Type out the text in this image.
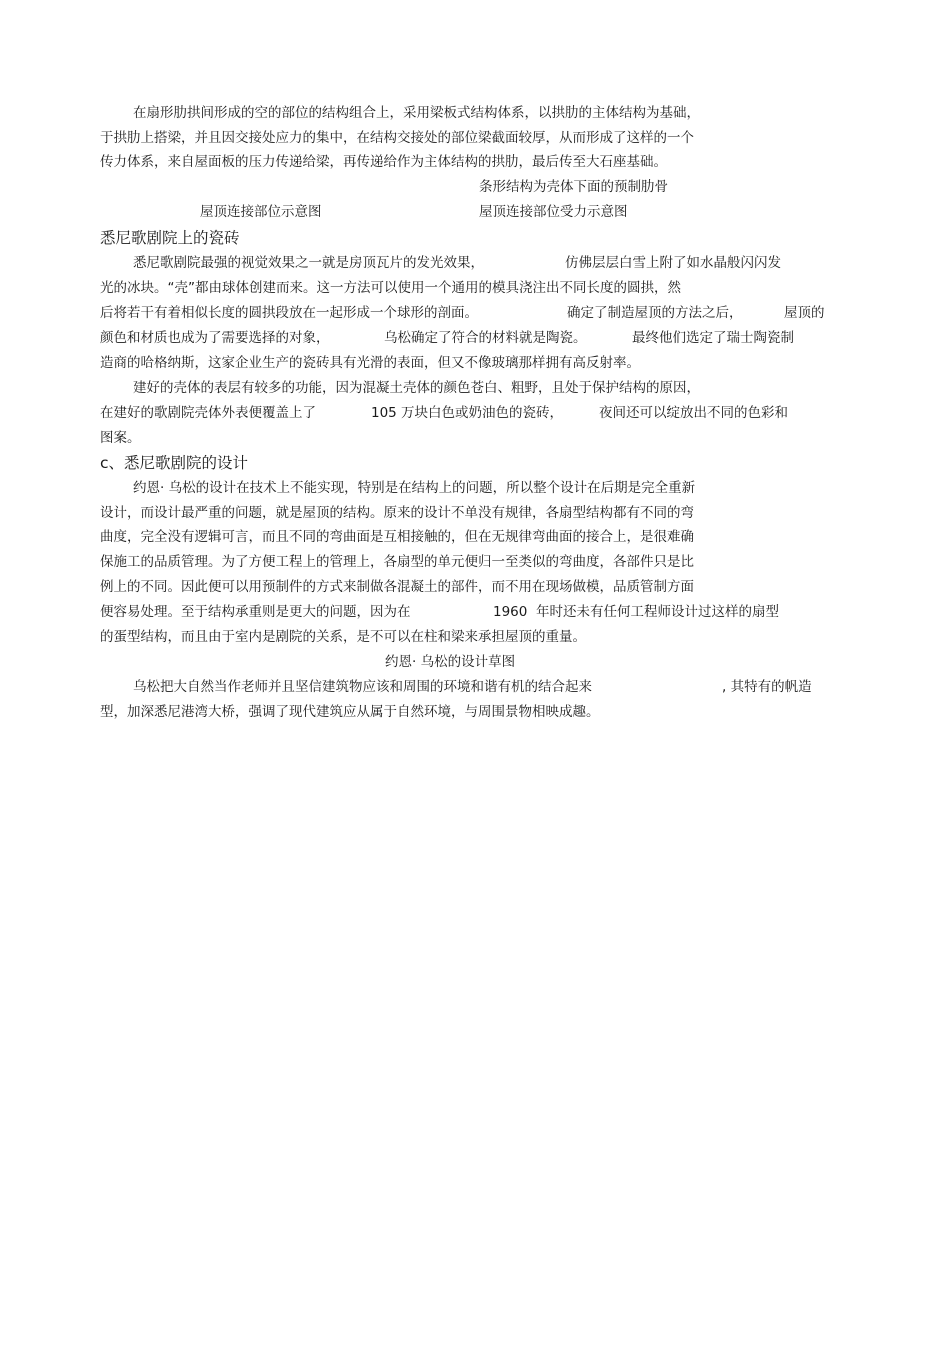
在扇形肋拱间形成的空的部位的结构组合上，采用梁板式结构体系，以拱肋的主体结构为基础，
于拱肋上搭梁，并且因交接处应力的集中，在结构交接处的部位梁截面较厚，从而形成了这样的一个
传力体系，来自屋面板的压力传递给梁，再传递给作为主体结构的拱肋，最后传至大石座基础。
条形结构为壳体下面的预制肋骨
屋顶连接部位示意图	屋顶连接部位受力示意图
悉尼歌剧院上的瓷砖
悉尼歌剧院最强的视觉效果之一就是房顶瓦片的发光效果，	仿佛层层白雪上附了如水晶般闪闪发
光的冰块。“壳”都由球体创建而来。这一方法可以使用一个通用的模具浇注出不同长度的圆拱，然
后将若干有着相似长度的圆拱段放在一起形成一个球形的剖面。	确定了制造屋顶的方法之后，	屋顶的
颜色和材质也成为了需要选择的对象，	乌松确定了符合的材料就是陶瓷。	最终他们选定了瑞士陶瓷制
造商的哈格纳斯，这家企业生产的瓷砖具有光滑的表面，但又不像玻璃那样拥有高反射率。
建好的壳体的表层有较多的功能，因为混凝土壳体的颜色苍白、粗野，且处于保护结构的原因，
在建好的歌剧院壳体外表便覆盖上了	105 万块白色或奶油色的瓷砖，	夜间还可以绽放出不同的色彩和
图案。
c、悉尼歌剧院的设计
约恩· 乌松的设计在技术上不能实现，特别是在结构上的问题，所以整个设计在后期是完全重新
设计，而设计最严重的问题，就是屋顶的结构。原来的设计不单没有规律，各扇型结构都有不同的弯
曲度，完全没有逻辑可言，而且不同的弯曲面是互相接触的，但在无规律弯曲面的接合上，是很难确
保施工的品质管理。为了方便工程上的管理上，各扇型的单元便归一至类似的弯曲度，各部件只是比
例上的不同。因此便可以用预制件的方式来制做各混凝土的部件，而不用在现场做模，品质管制方面
便容易处理。至于结构承重则是更大的问题，因为在	1960  年时还未有任何工程师设计过这样的扇型
的蛋型结构，而且由于室内是剧院的关系，是不可以在柱和梁来承担屋顶的重量。
约恩· 乌松的设计草图
乌松把大自然当作老师并且坚信建筑物应该和周围的环境和谐有机的结合起来	, 其特有的帆造
型，加深悉尼港湾大桥，强调了现代建筑应从属于自然环境，与周围景物相映成趣。
